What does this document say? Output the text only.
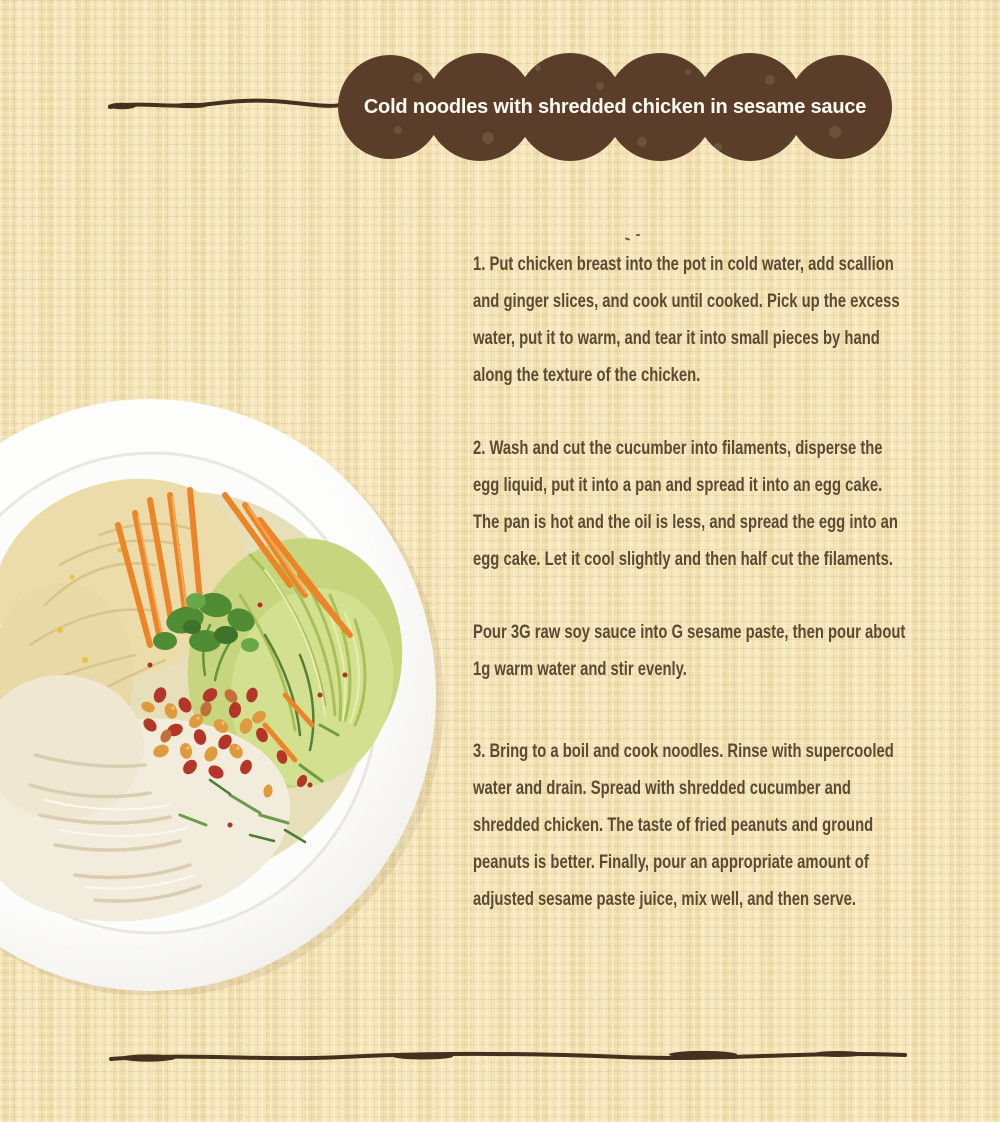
Cold noodles with shredded chicken in sesame sauce
1. Put chicken breast into the pot in cold water, add scallion
and ginger slices, and cook until cooked. Pick up the excess
water, put it to warm, and tear it into small pieces by hand
along the texture of the chicken.
2. Wash and cut the cucumber into filaments, disperse the
egg liquid, put it into a pan and spread it into an egg cake.
The pan is hot and the oil is less, and spread the egg into an
egg cake. Let it cool slightly and then half cut the filaments.
Pour 3G raw soy sauce into G sesame paste, then pour about
1g warm water and stir evenly.
3. Bring to a boil and cook noodles. Rinse with supercooled
water and drain. Spread with shredded cucumber and
shredded chicken. The taste of fried peanuts and ground
peanuts is better. Finally, pour an appropriate amount of
adjusted sesame paste juice, mix well, and then serve.
